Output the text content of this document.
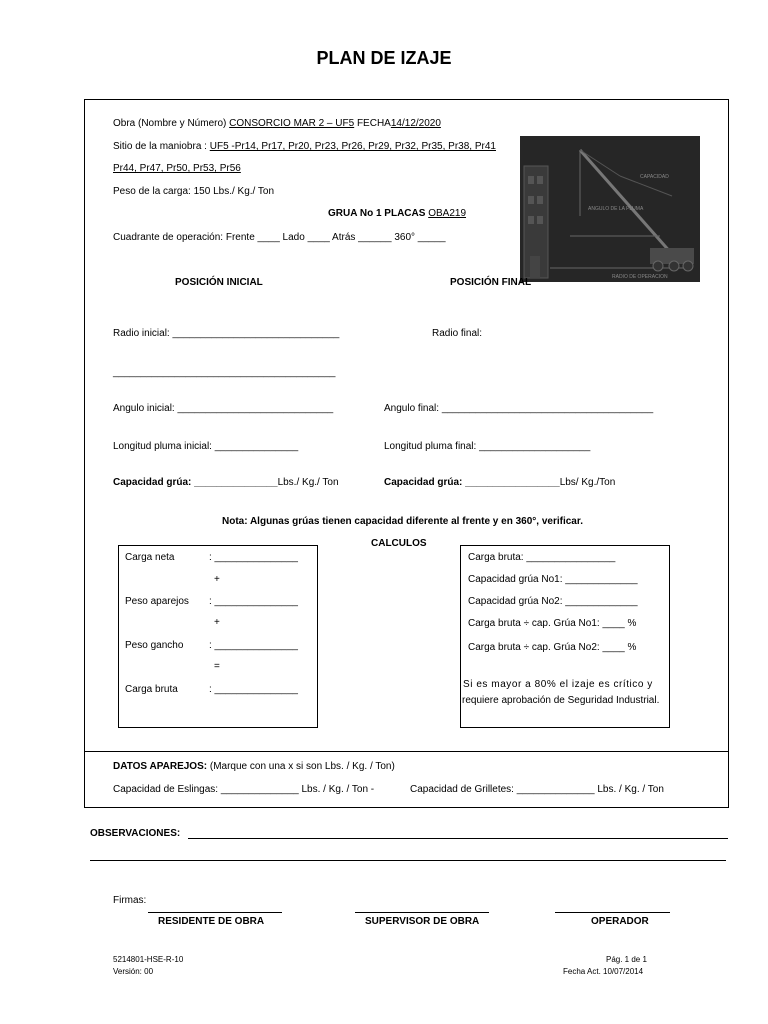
PLAN DE IZAJE
Obra (Nombre y Número) CONSORCIO MAR 2 – UF5 FECHA14/12/2020
Sitio de la maniobra : UF5 -Pr14, Pr17, Pr20, Pr23, Pr26, Pr29, Pr32, Pr35, Pr38, Pr41
Pr44, Pr47, Pr50, Pr53, Pr56
Peso de la carga: 150 Lbs./ Kg./ Ton
GRUA No 1 PLACAS OBA219
Cuadrante de operación: Frente ____ Lado ____ Atrás ______ 360° _____
CAPACIDAD
ANGULO DE LA PLUMA
RADIO DE OPERACION
POSICIÓN INICIAL	POSICIÓN FINAL
Radio inicial: ______________________________	Radio final:
________________________________________
Angulo inicial: ____________________________	Angulo final: ______________________________________
Longitud pluma inicial: _______________	Longitud pluma final: ____________________
Capacidad grúa: _______________Lbs./ Kg./ Ton	Capacidad grúa: _________________Lbs/ Kg./Ton
Nota: Algunas grúas tienen capacidad diferente al frente y en 360°, verificar.
CALCULOS
Carga neta	: _______________
+
Peso aparejos : _______________
+
Peso gancho	: _______________
=
Carga bruta	: _______________
Carga bruta: ________________
Capacidad grúa No1: _____________
Capacidad grúa No2: _____________
Carga bruta ÷ cap. Grúa No1: ____ %
Carga bruta ÷ cap. Grúa No2: ____ %
Si es mayor a 80% el izaje es crítico y
requiere aprobación de Seguridad Industrial.
DATOS APAREJOS: (Marque con una x si son Lbs. / Kg. / Ton)
Capacidad de Eslingas: ______________ Lbs. / Kg. / Ton -	Capacidad de Grilletes: ______________ Lbs. / Kg. / Ton
OBSERVACIONES:
Firmas:
RESIDENTE DE OBRA	SUPERVISOR DE OBRA	OPERADOR
5214801-HSE-R-10
Versión: 00
Pág. 1 de 1
Fecha Act. 10/07/2014
